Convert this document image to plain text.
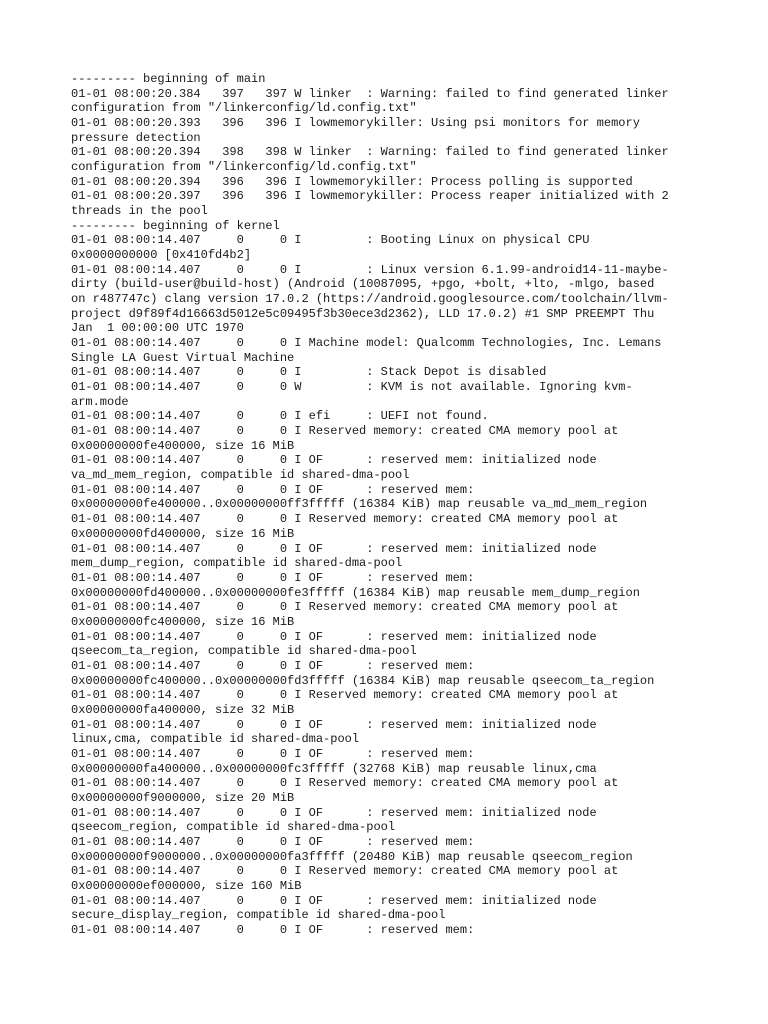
--------- beginning of main
01-01 08:00:20.384   397   397 W linker  : Warning: failed to find generated linker
configuration from "/linkerconfig/ld.config.txt"
01-01 08:00:20.393   396   396 I lowmemorykiller: Using psi monitors for memory
pressure detection
01-01 08:00:20.394   398   398 W linker  : Warning: failed to find generated linker
configuration from "/linkerconfig/ld.config.txt"
01-01 08:00:20.394   396   396 I lowmemorykiller: Process polling is supported
01-01 08:00:20.397   396   396 I lowmemorykiller: Process reaper initialized with 2
threads in the pool
--------- beginning of kernel
01-01 08:00:14.407     0     0 I         : Booting Linux on physical CPU
0x0000000000 [0x410fd4b2]
01-01 08:00:14.407     0     0 I         : Linux version 6.1.99-android14-11-maybe-
dirty (build-user@build-host) (Android (10087095, +pgo, +bolt, +lto, -mlgo, based
on r487747c) clang version 17.0.2 (https://android.googlesource.com/toolchain/llvm-
project d9f89f4d16663d5012e5c09495f3b30ece3d2362), LLD 17.0.2) #1 SMP PREEMPT Thu
Jan  1 00:00:00 UTC 1970
01-01 08:00:14.407     0     0 I Machine model: Qualcomm Technologies, Inc. Lemans
Single LA Guest Virtual Machine
01-01 08:00:14.407     0     0 I         : Stack Depot is disabled
01-01 08:00:14.407     0     0 W         : KVM is not available. Ignoring kvm-
arm.mode
01-01 08:00:14.407     0     0 I efi     : UEFI not found.
01-01 08:00:14.407     0     0 I Reserved memory: created CMA memory pool at
0x00000000fe400000, size 16 MiB
01-01 08:00:14.407     0     0 I OF      : reserved mem: initialized node
va_md_mem_region, compatible id shared-dma-pool
01-01 08:00:14.407     0     0 I OF      : reserved mem:
0x00000000fe400000..0x00000000ff3fffff (16384 KiB) map reusable va_md_mem_region
01-01 08:00:14.407     0     0 I Reserved memory: created CMA memory pool at
0x00000000fd400000, size 16 MiB
01-01 08:00:14.407     0     0 I OF      : reserved mem: initialized node
mem_dump_region, compatible id shared-dma-pool
01-01 08:00:14.407     0     0 I OF      : reserved mem:
0x00000000fd400000..0x00000000fe3fffff (16384 KiB) map reusable mem_dump_region
01-01 08:00:14.407     0     0 I Reserved memory: created CMA memory pool at
0x00000000fc400000, size 16 MiB
01-01 08:00:14.407     0     0 I OF      : reserved mem: initialized node
qseecom_ta_region, compatible id shared-dma-pool
01-01 08:00:14.407     0     0 I OF      : reserved mem:
0x00000000fc400000..0x00000000fd3fffff (16384 KiB) map reusable qseecom_ta_region
01-01 08:00:14.407     0     0 I Reserved memory: created CMA memory pool at
0x00000000fa400000, size 32 MiB
01-01 08:00:14.407     0     0 I OF      : reserved mem: initialized node
linux,cma, compatible id shared-dma-pool
01-01 08:00:14.407     0     0 I OF      : reserved mem:
0x00000000fa400000..0x00000000fc3fffff (32768 KiB) map reusable linux,cma
01-01 08:00:14.407     0     0 I Reserved memory: created CMA memory pool at
0x00000000f9000000, size 20 MiB
01-01 08:00:14.407     0     0 I OF      : reserved mem: initialized node
qseecom_region, compatible id shared-dma-pool
01-01 08:00:14.407     0     0 I OF      : reserved mem:
0x00000000f9000000..0x00000000fa3fffff (20480 KiB) map reusable qseecom_region
01-01 08:00:14.407     0     0 I Reserved memory: created CMA memory pool at
0x00000000ef000000, size 160 MiB
01-01 08:00:14.407     0     0 I OF      : reserved mem: initialized node
secure_display_region, compatible id shared-dma-pool
01-01 08:00:14.407     0     0 I OF      : reserved mem:
